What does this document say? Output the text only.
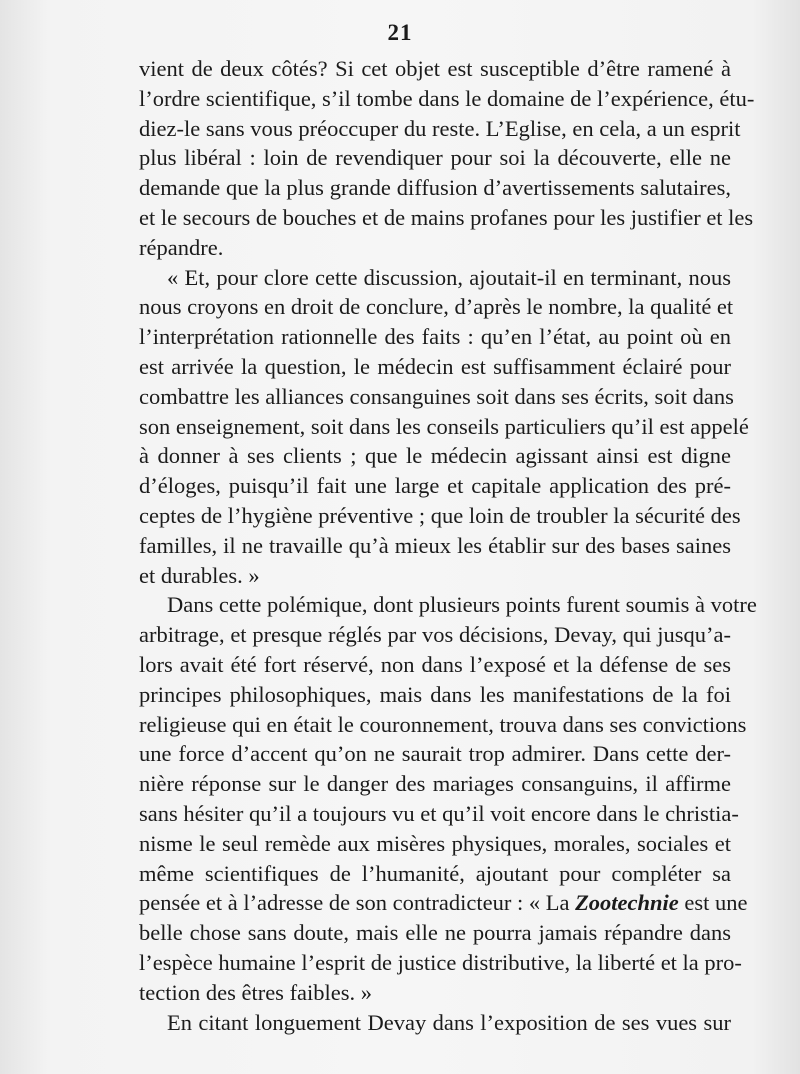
21

vient de deux côtés? Si cet objet est susceptible d’être ramené à
l’ordre scientifique, s’il tombe dans le domaine de l’expérience, étu-
diez-le sans vous préoccuper du reste. L’Eglise, en cela, a un esprit
plus libéral : loin de revendiquer pour soi la découverte, elle ne
demande que la plus grande diffusion d’avertissements salutaires,
et le secours de bouches et de mains profanes pour les justifier et les
répandre.

« Et, pour clore cette discussion, ajoutait-il en terminant, nous
nous croyons en droit de conclure, d’après le nombre, la qualité et
l’interprétation rationnelle des faits : qu’en l’état, au point où en
est arrivée la question, le médecin est suffisamment éclairé pour
combattre les alliances consanguines soit dans ses écrits, soit dans
son enseignement, soit dans les conseils particuliers qu’il est appelé
à donner à ses clients ; que le médecin agissant ainsi est digne
d’éloges, puisqu’il fait une large et capitale application des pré-
ceptes de l’hygiène préventive ; que loin de troubler la sécurité des
familles, il ne travaille qu’à mieux les établir sur des bases saines
et durables. »

Dans cette polémique, dont plusieurs points furent soumis à votre
arbitrage, et presque réglés par vos décisions, Devay, qui jusqu’a-
lors avait été fort réservé, non dans l’exposé et la défense de ses
principes philosophiques, mais dans les manifestations de la foi
religieuse qui en était le couronnement, trouva dans ses convictions
une force d’accent qu’on ne saurait trop admirer. Dans cette der-
nière réponse sur le danger des mariages consanguins, il affirme
sans hésiter qu’il a toujours vu et qu’il voit encore dans le christia-
nisme le seul remède aux misères physiques, morales, sociales et
même scientifiques de l’humanité, ajoutant pour compléter sa
pensée et à l’adresse de son contradicteur : « La Zootechnie est une
belle chose sans doute, mais elle ne pourra jamais répandre dans
l’espèce humaine l’esprit de justice distributive, la liberté et la pro-
tection des êtres faibles. »

En citant longuement Devay dans l’exposition de ses vues sur
